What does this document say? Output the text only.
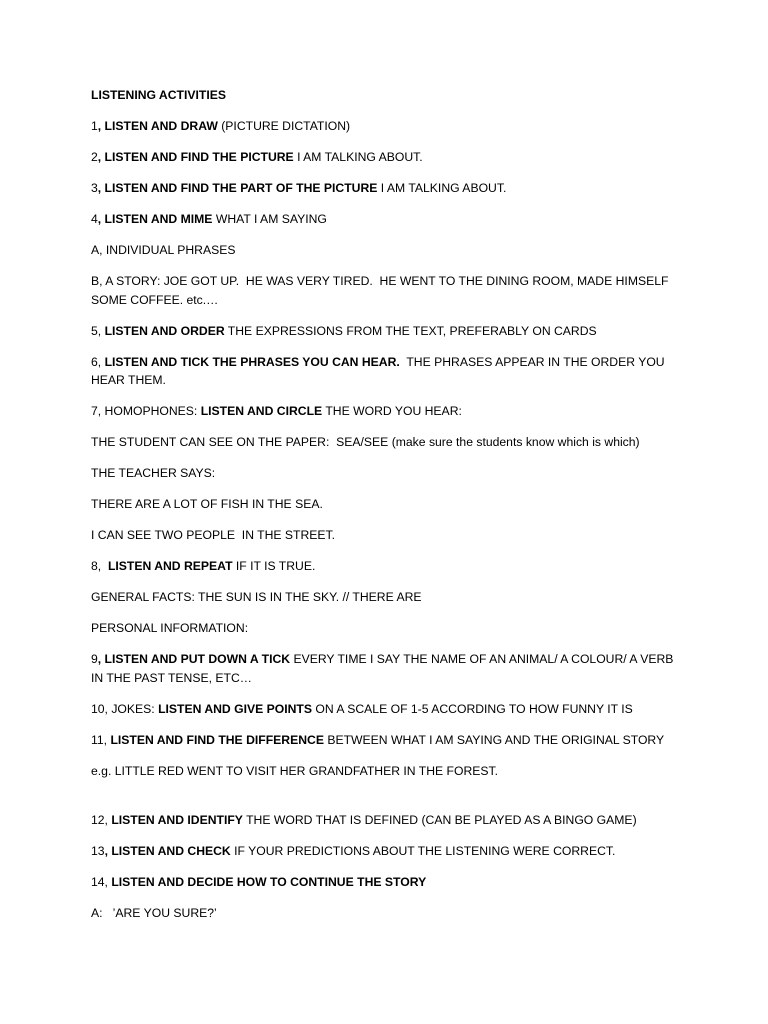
LISTENING ACTIVITIES

1, LISTEN AND DRAW (PICTURE DICTATION)

2, LISTEN AND FIND THE PICTURE I AM TALKING ABOUT.

3, LISTEN AND FIND THE PART OF THE PICTURE I AM TALKING ABOUT.

4, LISTEN AND MIME WHAT I AM SAYING

A, INDIVIDUAL PHRASES

B, A STORY: JOE GOT UP.  HE WAS VERY TIRED.  HE WENT TO THE DINING ROOM, MADE HIMSELF SOME COFFEE. etc.…

5, LISTEN AND ORDER THE EXPRESSIONS FROM THE TEXT, PREFERABLY ON CARDS

6, LISTEN AND TICK THE PHRASES YOU CAN HEAR.  THE PHRASES APPEAR IN THE ORDER YOU HEAR THEM.

7, HOMOPHONES: LISTEN AND CIRCLE THE WORD YOU HEAR:

THE STUDENT CAN SEE ON THE PAPER:  SEA/SEE (make sure the students know which is which)

THE TEACHER SAYS:

THERE ARE A LOT OF FISH IN THE SEA.

I CAN SEE TWO PEOPLE  IN THE STREET.

8,  LISTEN AND REPEAT IF IT IS TRUE.

GENERAL FACTS: THE SUN IS IN THE SKY. // THERE ARE

PERSONAL INFORMATION:

9, LISTEN AND PUT DOWN A TICK EVERY TIME I SAY THE NAME OF AN ANIMAL/ A COLOUR/ A VERB IN THE PAST TENSE, ETC…

10, JOKES: LISTEN AND GIVE POINTS ON A SCALE OF 1-5 ACCORDING TO HOW FUNNY IT IS

11, LISTEN AND FIND THE DIFFERENCE BETWEEN WHAT I AM SAYING AND THE ORIGINAL STORY

e.g. LITTLE RED WENT TO VISIT HER GRANDFATHER IN THE FOREST.

12, LISTEN AND IDENTIFY THE WORD THAT IS DEFINED (CAN BE PLAYED AS A BINGO GAME)

13, LISTEN AND CHECK IF YOUR PREDICTIONS ABOUT THE LISTENING WERE CORRECT.

14, LISTEN AND DECIDE HOW TO CONTINUE THE STORY

A:   ’ARE YOU SURE?’
